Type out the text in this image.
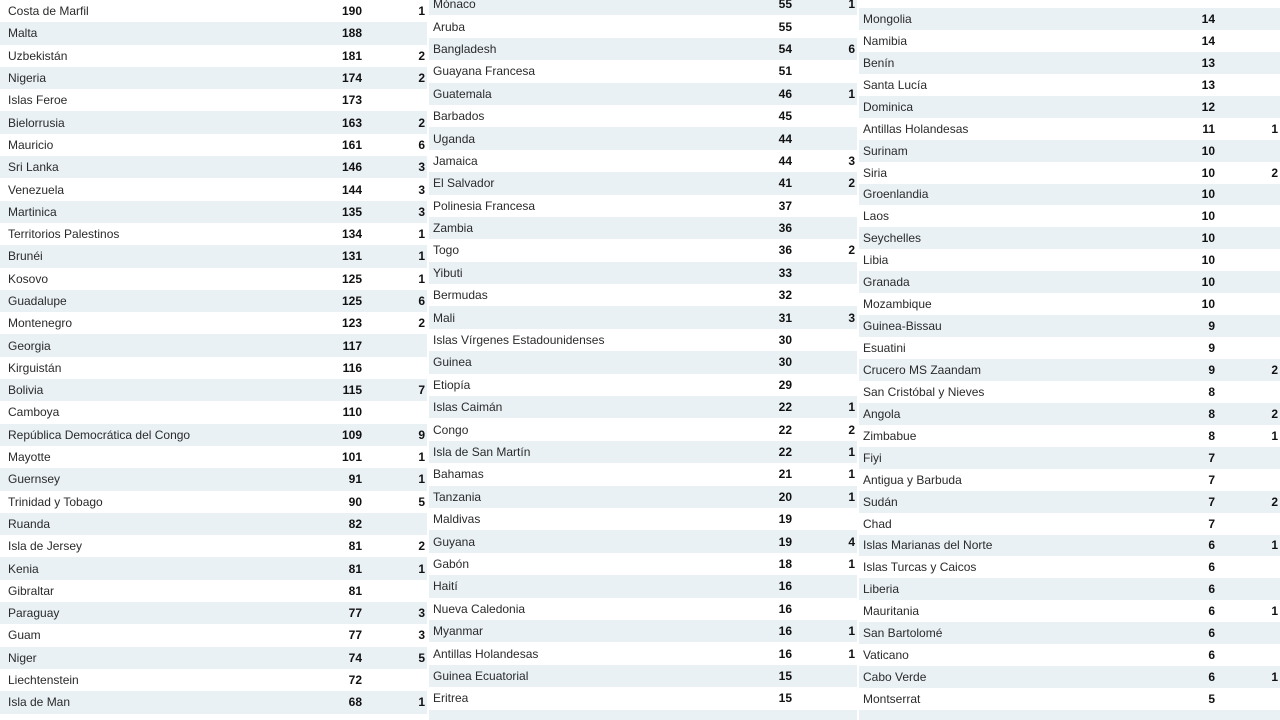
Costa de Marfil	190	1
Malta	188
Uzbekistán	181	2
Nigeria	174	2
Islas Feroe	173
Bielorrusia	163	2
Mauricio	161	6
Sri Lanka	146	3
Venezuela	144	3
Martinica	135	3
Territorios Palestinos	134	1
Brunéi	131	1
Kosovo	125	1
Guadalupe	125	6
Montenegro	123	2
Georgia	117
Kirguistán	116
Bolivia	115	7
Camboya	110
República Democrática del Congo	109	9
Mayotte	101	1
Guernsey	91	1
Trinidad y Tobago	90	5
Ruanda	82
Isla de Jersey	81	2
Kenia	81	1
Gibraltar	81
Paraguay	77	3
Guam	77	3
Niger	74	5
Liechtenstein	72
Isla de Man	68	1
Mónaco	55	1
Aruba	55
Bangladesh	54	6
Guayana Francesa	51
Guatemala	46	1
Barbados	45
Uganda	44
Jamaica	44	3
El Salvador	41	2
Polinesia Francesa	37
Zambia	36
Togo	36	2
Yibuti	33
Bermudas	32
Mali	31	3
Islas Vírgenes Estadounidenses	30
Guinea	30
Etiopía	29
Islas Caimán	22	1
Congo	22	2
Isla de San Martín	22	1
Bahamas	21	1
Tanzania	20	1
Maldivas	19
Guyana	19	4
Gabón	18	1
Haití	16
Nueva Caledonia	16
Myanmar	16	1
Antillas Holandesas	16	1
Guinea Ecuatorial	15
Eritrea	15
Mongolia	14
Namibia	14
Benín	13
Santa Lucía	13
Dominica	12
Antillas Holandesas	11	1
Surinam	10
Siria	10	2
Groenlandia	10
Laos	10
Seychelles	10
Libia	10
Granada	10
Mozambique	10
Guinea-Bissau	9
Esuatini	9
Crucero MS Zaandam	9	2
San Cristóbal y Nieves	8
Angola	8	2
Zimbabue	8	1
Fiyi	7
Antigua y Barbuda	7
Sudán	7	2
Chad	7
Islas Marianas del Norte	6	1
Islas Turcas y Caicos	6
Liberia	6
Mauritania	6	1
San Bartolomé	6
Vaticano	6
Cabo Verde	6	1
Montserrat	5
